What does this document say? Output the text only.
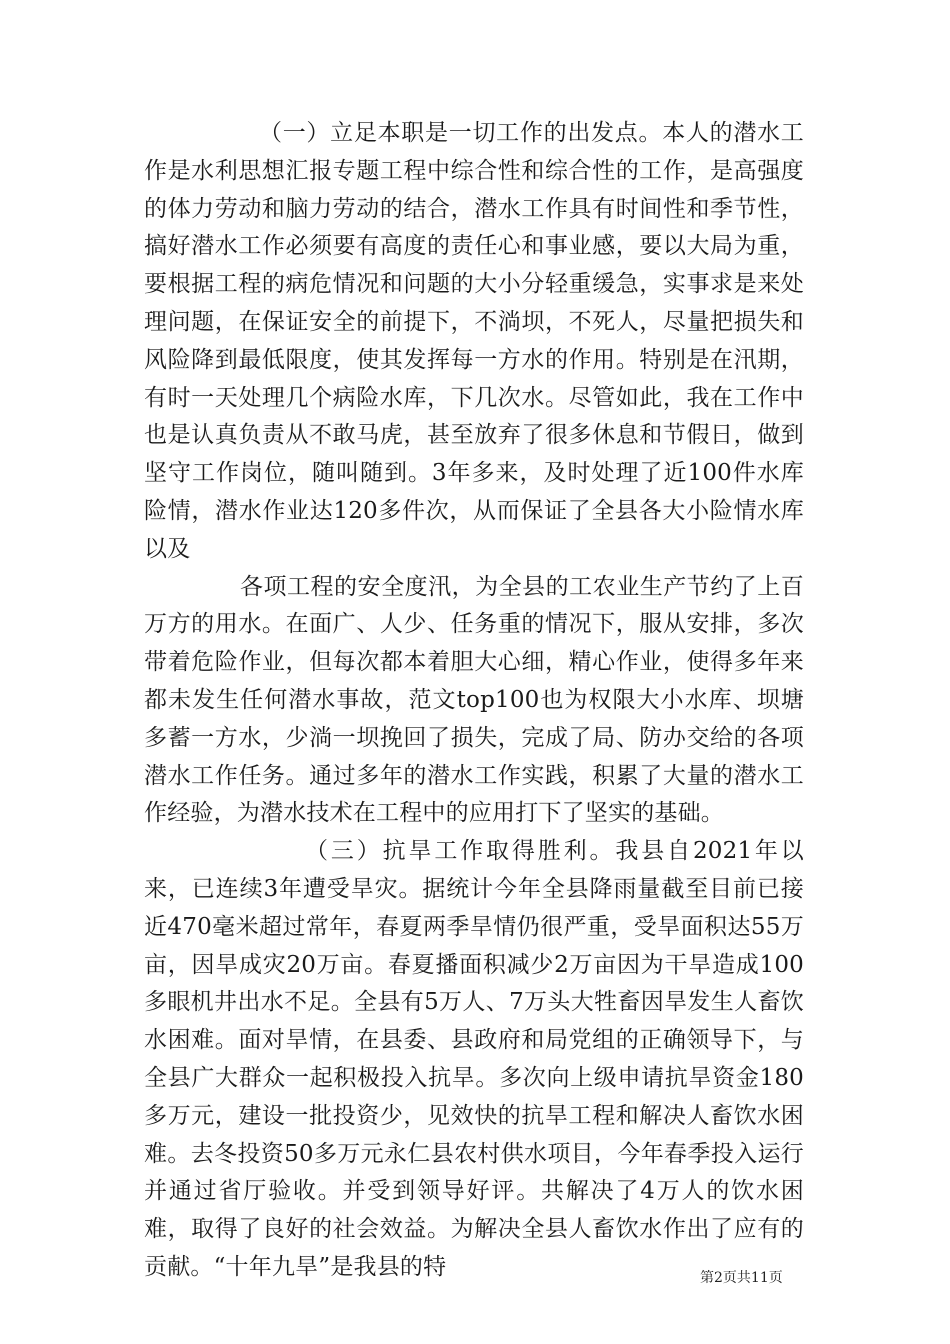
（一）立足本职是一切工作的出发点。本人的潜水工作是水利思想汇报专题工程中综合性和综合性的工作，是高强度的体力劳动和脑力劳动的结合，潜水工作具有时间性和季节性，搞好潜水工作必须要有高度的责任心和事业感，要以大局为重，要根据工程的病危情况和问题的大小分轻重缓急，实事求是来处理问题，在保证安全的前提下，不淌坝，不死人，尽量把损失和风险降到最低限度，使其发挥每一方水的作用。特别是在汛期，有时一天处理几个病险水库，下几次水。尽管如此，我在工作中也是认真负责从不敢马虎，甚至放弃了很多休息和节假日，做到坚守工作岗位，随叫随到。3年多来，及时处理了近100件水库险情，潜水作业达120多件次，从而保证了全县各大小险情水库以及

各项工程的安全度汛，为全县的工农业生产节约了上百万方的用水。在面广、人少、任务重的情况下，服从安排，多次带着危险作业，但每次都本着胆大心细，精心作业，使得多年来都未发生任何潜水事故，范文top100也为权限大小水库、坝塘多蓄一方水，少淌一坝挽回了损失，完成了局、防办交给的各项潜水工作任务。通过多年的潜水工作实践，积累了大量的潜水工作经验，为潜水技术在工程中的应用打下了坚实的基础。

（三）抗旱工作取得胜利。我县自2021年以来，已连续3年遭受旱灾。据统计今年全县降雨量截至目前已接近470毫米超过常年，春夏两季旱情仍很严重，受旱面积达55万亩，因旱成灾20万亩。春夏播面积减少2万亩因为干旱造成100多眼机井出水不足。全县有5万人、7万头大牲畜因旱发生人畜饮水困难。面对旱情，在县委、县政府和局党组的正确领导下，与全县广大群众一起积极投入抗旱。多次向上级申请抗旱资金180多万元，建设一批投资少，见效快的抗旱工程和解决人畜饮水困难。去冬投资50多万元永仁县农村供水项目，今年春季投入运行并通过省厅验收。并受到领导好评。共解决了4万人的饮水困难，取得了良好的社会效益。为解决全县人畜饮水作出了应有的贡献。“十年九旱”是我县的特	第2页共11页
